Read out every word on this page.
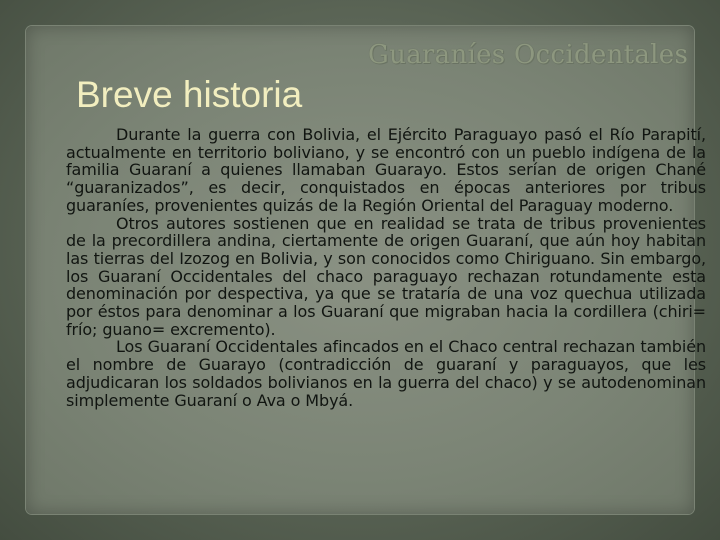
Guaraníes Occidentales
Breve historia

Durante la guerra con Bolivia, el Ejército Paraguayo pasó el Río Parapití, actualmente en territorio boliviano, y se encontró con un pueblo indígena de la familia Guaraní a quienes llamaban Guarayo. Estos serían de origen Chané “guaranizados”, es decir, conquistados en épocas anteriores por tribus guaraníes, provenientes quizás de la Región Oriental del Paraguay moderno.

Otros autores sostienen que en realidad se trata de tribus provenientes de la precordillera andina, ciertamente de origen Guaraní, que aún hoy habitan las tierras del Izozog en Bolivia, y son conocidos como Chiriguano. Sin embargo, los Guaraní Occidentales del chaco paraguayo rechazan rotundamente esta denominación por despectiva, ya que se trataría de una voz quechua utilizada por éstos para denominar a los Guaraní que migraban hacia la cordillera (chiri= frío; guano= excremento).

Los Guaraní Occidentales afincados en el Chaco central rechazan también el nombre de Guarayo (contradicción de guaraní y paraguayos, que les adjudicaran los soldados bolivianos en la guerra del chaco) y se autodenominan simplemente Guaraní o Ava o Mbyá.
